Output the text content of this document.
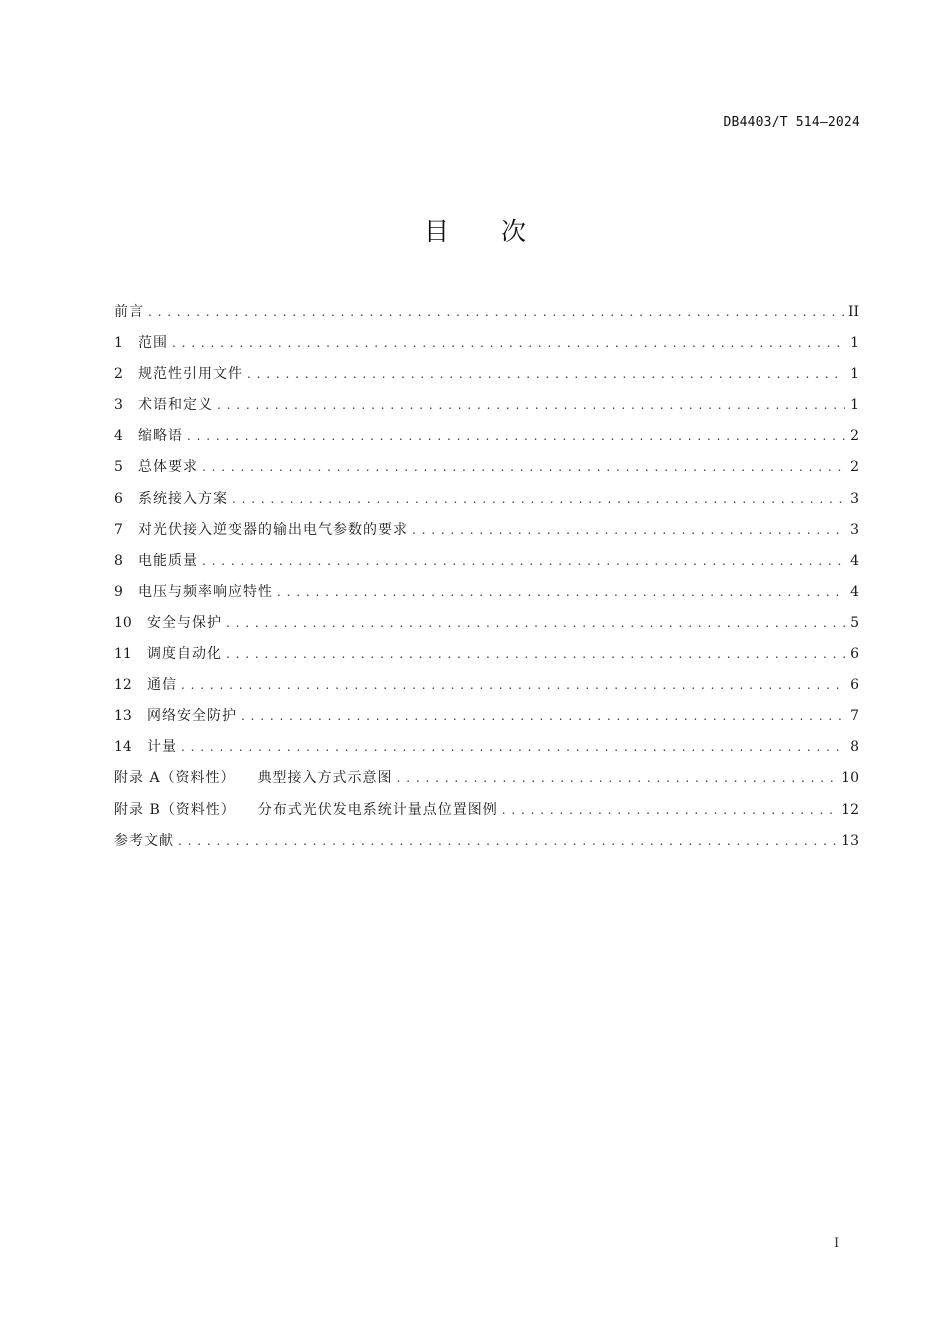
DB4403/T 514—2024
目 次
前言 . . .	II
1	范围 . . .	1
2	规范性引用文件 . . .	1
3	术语和定义 . . .	1
4	缩略语 . . .	2
5	总体要求 . . .	2
6	系统接入方案 . . .	3
7	对光伏接入逆变器的输出电气参数的要求 . . .	3
8	电能质量 . . .	4
9	电压与频率响应特性 . . .	4
10	安全与保护 . . .	5
11	调度自动化 . . .	6
12	通信 . . .	6
13	网络安全防护 . . .	7
14	计量 . . .	8
附录 A（资料性） 典型接入方式示意图 . . .	10
附录 B（资料性） 分布式光伏发电系统计量点位置图例 . . .	12
参考文献 . . .	13
I
